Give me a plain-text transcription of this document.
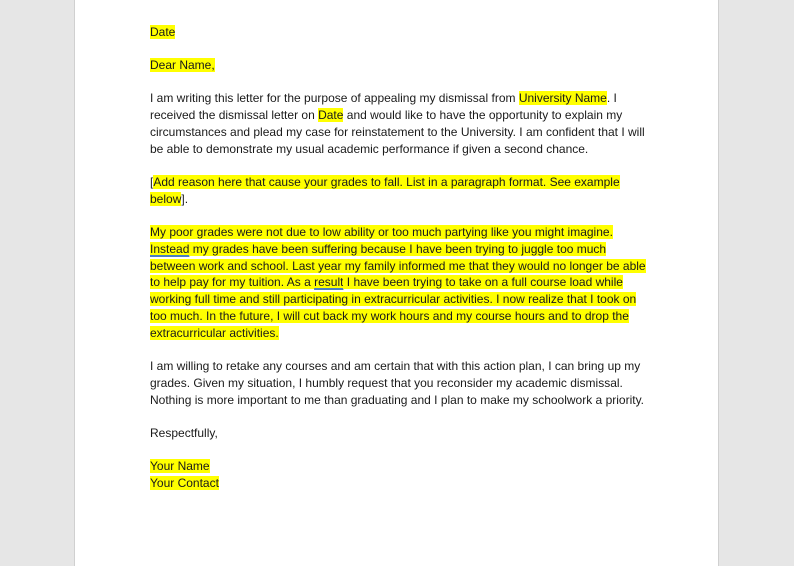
Date

Dear Name,

I am writing this letter for the purpose of appealing my dismissal from University Name. I received the dismissal letter on Date and would like to have the opportunity to explain my circumstances and plead my case for reinstatement to the University. I am confident that I will be able to demonstrate my usual academic performance if given a second chance.

[Add reason here that cause your grades to fall. List in a paragraph format. See example below].

My poor grades were not due to low ability or too much partying like you might imagine. Instead my grades have been suffering because I have been trying to juggle too much between work and school. Last year my family informed me that they would no longer be able to help pay for my tuition. As a result I have been trying to take on a full course load while working full time and still participating in extracurricular activities. I now realize that I took on too much. In the future, I will cut back my work hours and my course hours and to drop the extracurricular activities.

I am willing to retake any courses and am certain that with this action plan, I can bring up my grades. Given my situation, I humbly request that you reconsider my academic dismissal. Nothing is more important to me than graduating and I plan to make my schoolwork a priority.

Respectfully,

Your Name
Your Contact
